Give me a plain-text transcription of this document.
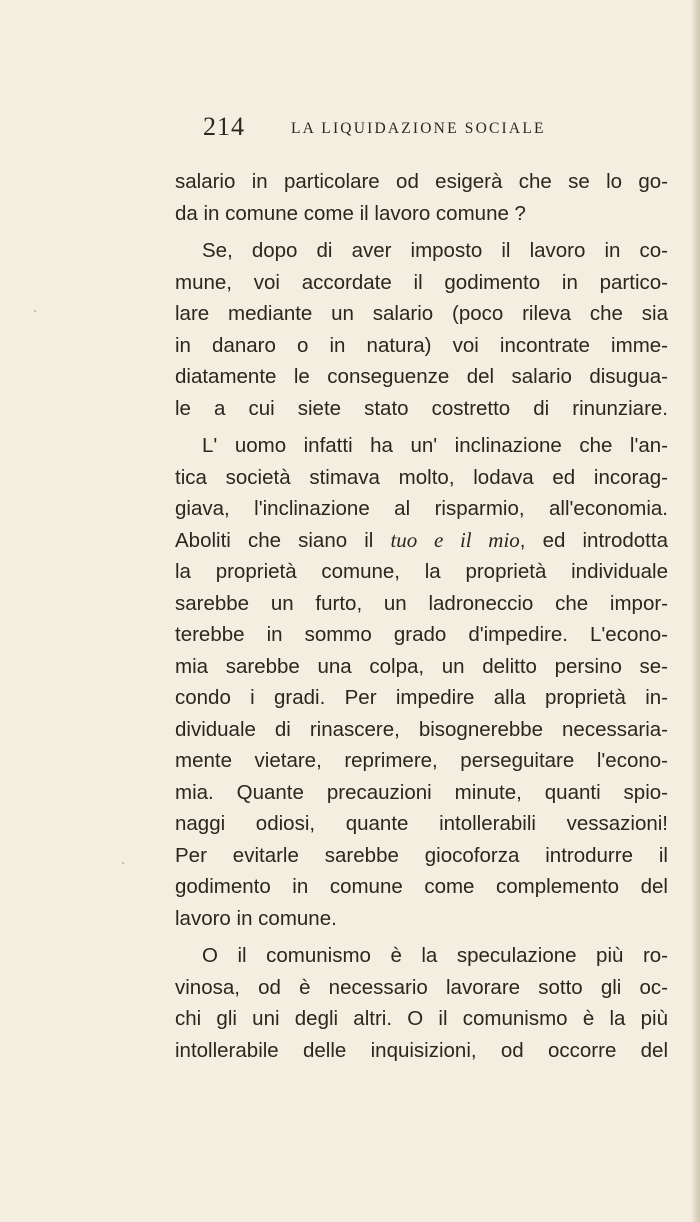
214	LA LIQUIDAZIONE SOCIALE
salario in particolare od esigerà che se lo go-
da in comune come il lavoro comune ?
Se, dopo di aver imposto il lavoro in co-
mune, voi accordate il godimento in partico-
lare mediante un salario (poco rileva che sia
in danaro o in natura) voi incontrate imme-
diatamente le conseguenze del salario disugua-
le a cui siete stato costretto di rinunziare.
L' uomo infatti ha un' inclinazione che l'an-
tica società stimava molto, lodava ed incorag-
giava, l'inclinazione al risparmio, all'economia.
Aboliti che siano il tuo e il mio, ed introdotta
la proprietà comune, la proprietà individuale
sarebbe un furto, un ladroneccio che impor-
terebbe in sommo grado d'impedire. L'econo-
mia sarebbe una colpa, un delitto persino se-
condo i gradi. Per impedire alla proprietà in-
dividuale di rinascere, bisognerebbe necessaria-
mente vietare, reprimere, perseguitare l'econo-
mia. Quante precauzioni minute, quanti spio-
naggi odiosi, quante intollerabili vessazioni!
Per evitarle sarebbe giocoforza introdurre il
godimento in comune come complemento del
lavoro in comune.
O il comunismo è la speculazione più ro-
vinosa, od è necessario lavorare sotto gli oc-
chi gli uni degli altri. O il comunismo è la più
intollerabile delle inquisizioni, od occorre del
